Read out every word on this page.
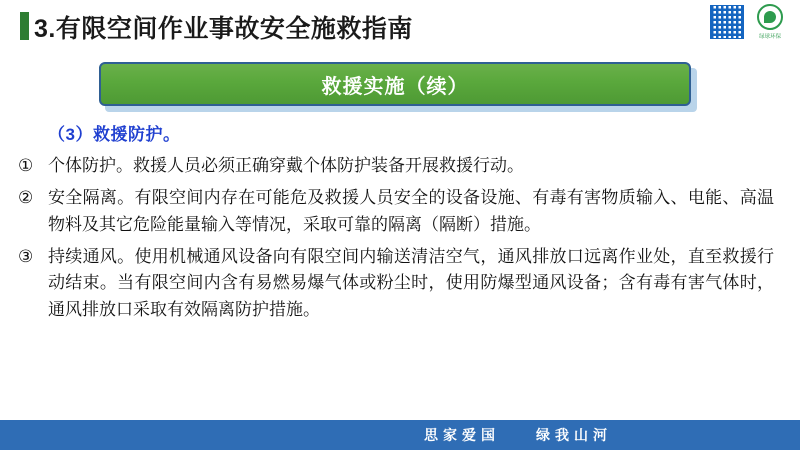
3.有限空间作业事故安全施救指南	绿球环保
救援实施（续）
（3）救援防护。
① 个体防护。救援人员必须正确穿戴个体防护装备开展救援行动。
② 安全隔离。有限空间内存在可能危及救援人员安全的设备设施、有毒有害物质输入、电能、高温物料及其它危险能量输入等情况，采取可靠的隔离（隔断）措施。
③ 持续通风。使用机械通风设备向有限空间内输送清洁空气，通风排放口远离作业处，直至救援行动结束。当有限空间内含有易燃易爆气体或粉尘时，使用防爆型通风设备；含有毒有害气体时，通风排放口采取有效隔离防护措施。
思家爱国	绿我山河
